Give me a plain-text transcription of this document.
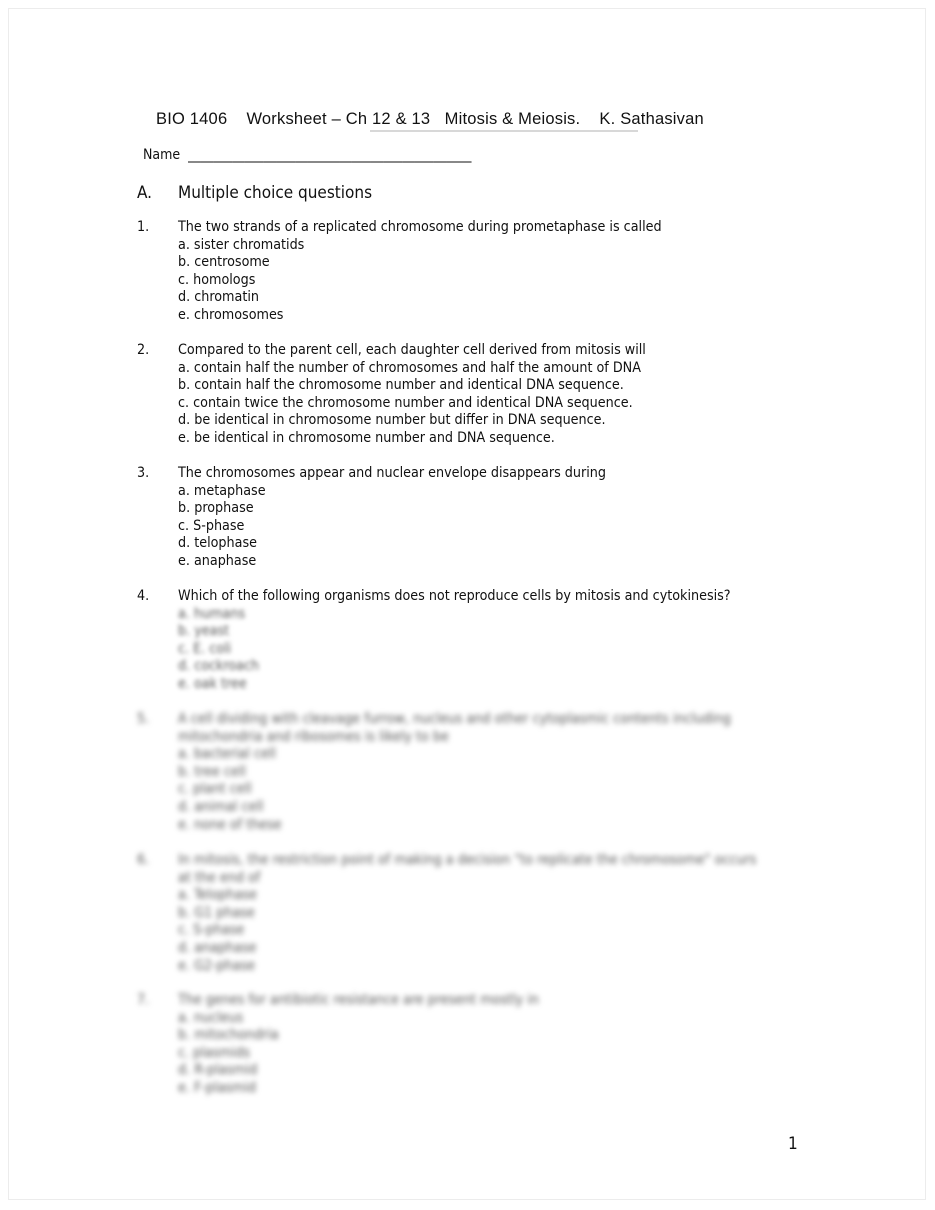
BIO 1406    Worksheet – Ch 12 & 13   Mitosis & Meiosis.    K. Sathasivan
Name  _____________________________________________
A. Multiple choice questions
1. The two strands of a replicated chromosome during prometaphase is called
a. sister chromatids
b. centrosome
c. homologs
d. chromatin
e. chromosomes
2. Compared to the parent cell, each daughter cell derived from mitosis will
a. contain half the number of chromosomes and half the amount of DNA
b. contain half the chromosome number and identical DNA sequence.
c. contain twice the chromosome number and identical DNA sequence.
d. be identical in chromosome number but differ in DNA sequence.
e. be identical in chromosome number and DNA sequence.
3. The chromosomes appear and nuclear envelope disappears during
a. metaphase
b. prophase
c. S-phase
d. telophase
e. anaphase
4. Which of the following organisms does not reproduce cells by mitosis and cytokinesis?
a. humans
b. yeast
c. E. coli
d. cockroach
e. oak tree
5. A cell dividing with cleavage furrow, nucleus and other cytoplasmic contents including
mitochondria and ribosomes is likely to be
a. bacterial cell
b. tree cell
c. plant cell
d. animal cell
e. none of these
6. In mitosis, the restriction point of making a decision "to replicate the chromosome" occurs
at the end of
a. Telophase
b. G1 phase
c. S-phase
d. anaphase
e. G2-phase
7. The genes for antibiotic resistance are present mostly in
a. nucleus
b. mitochondria
c. plasmids
d. R-plasmid
e. F-plasmid
1
